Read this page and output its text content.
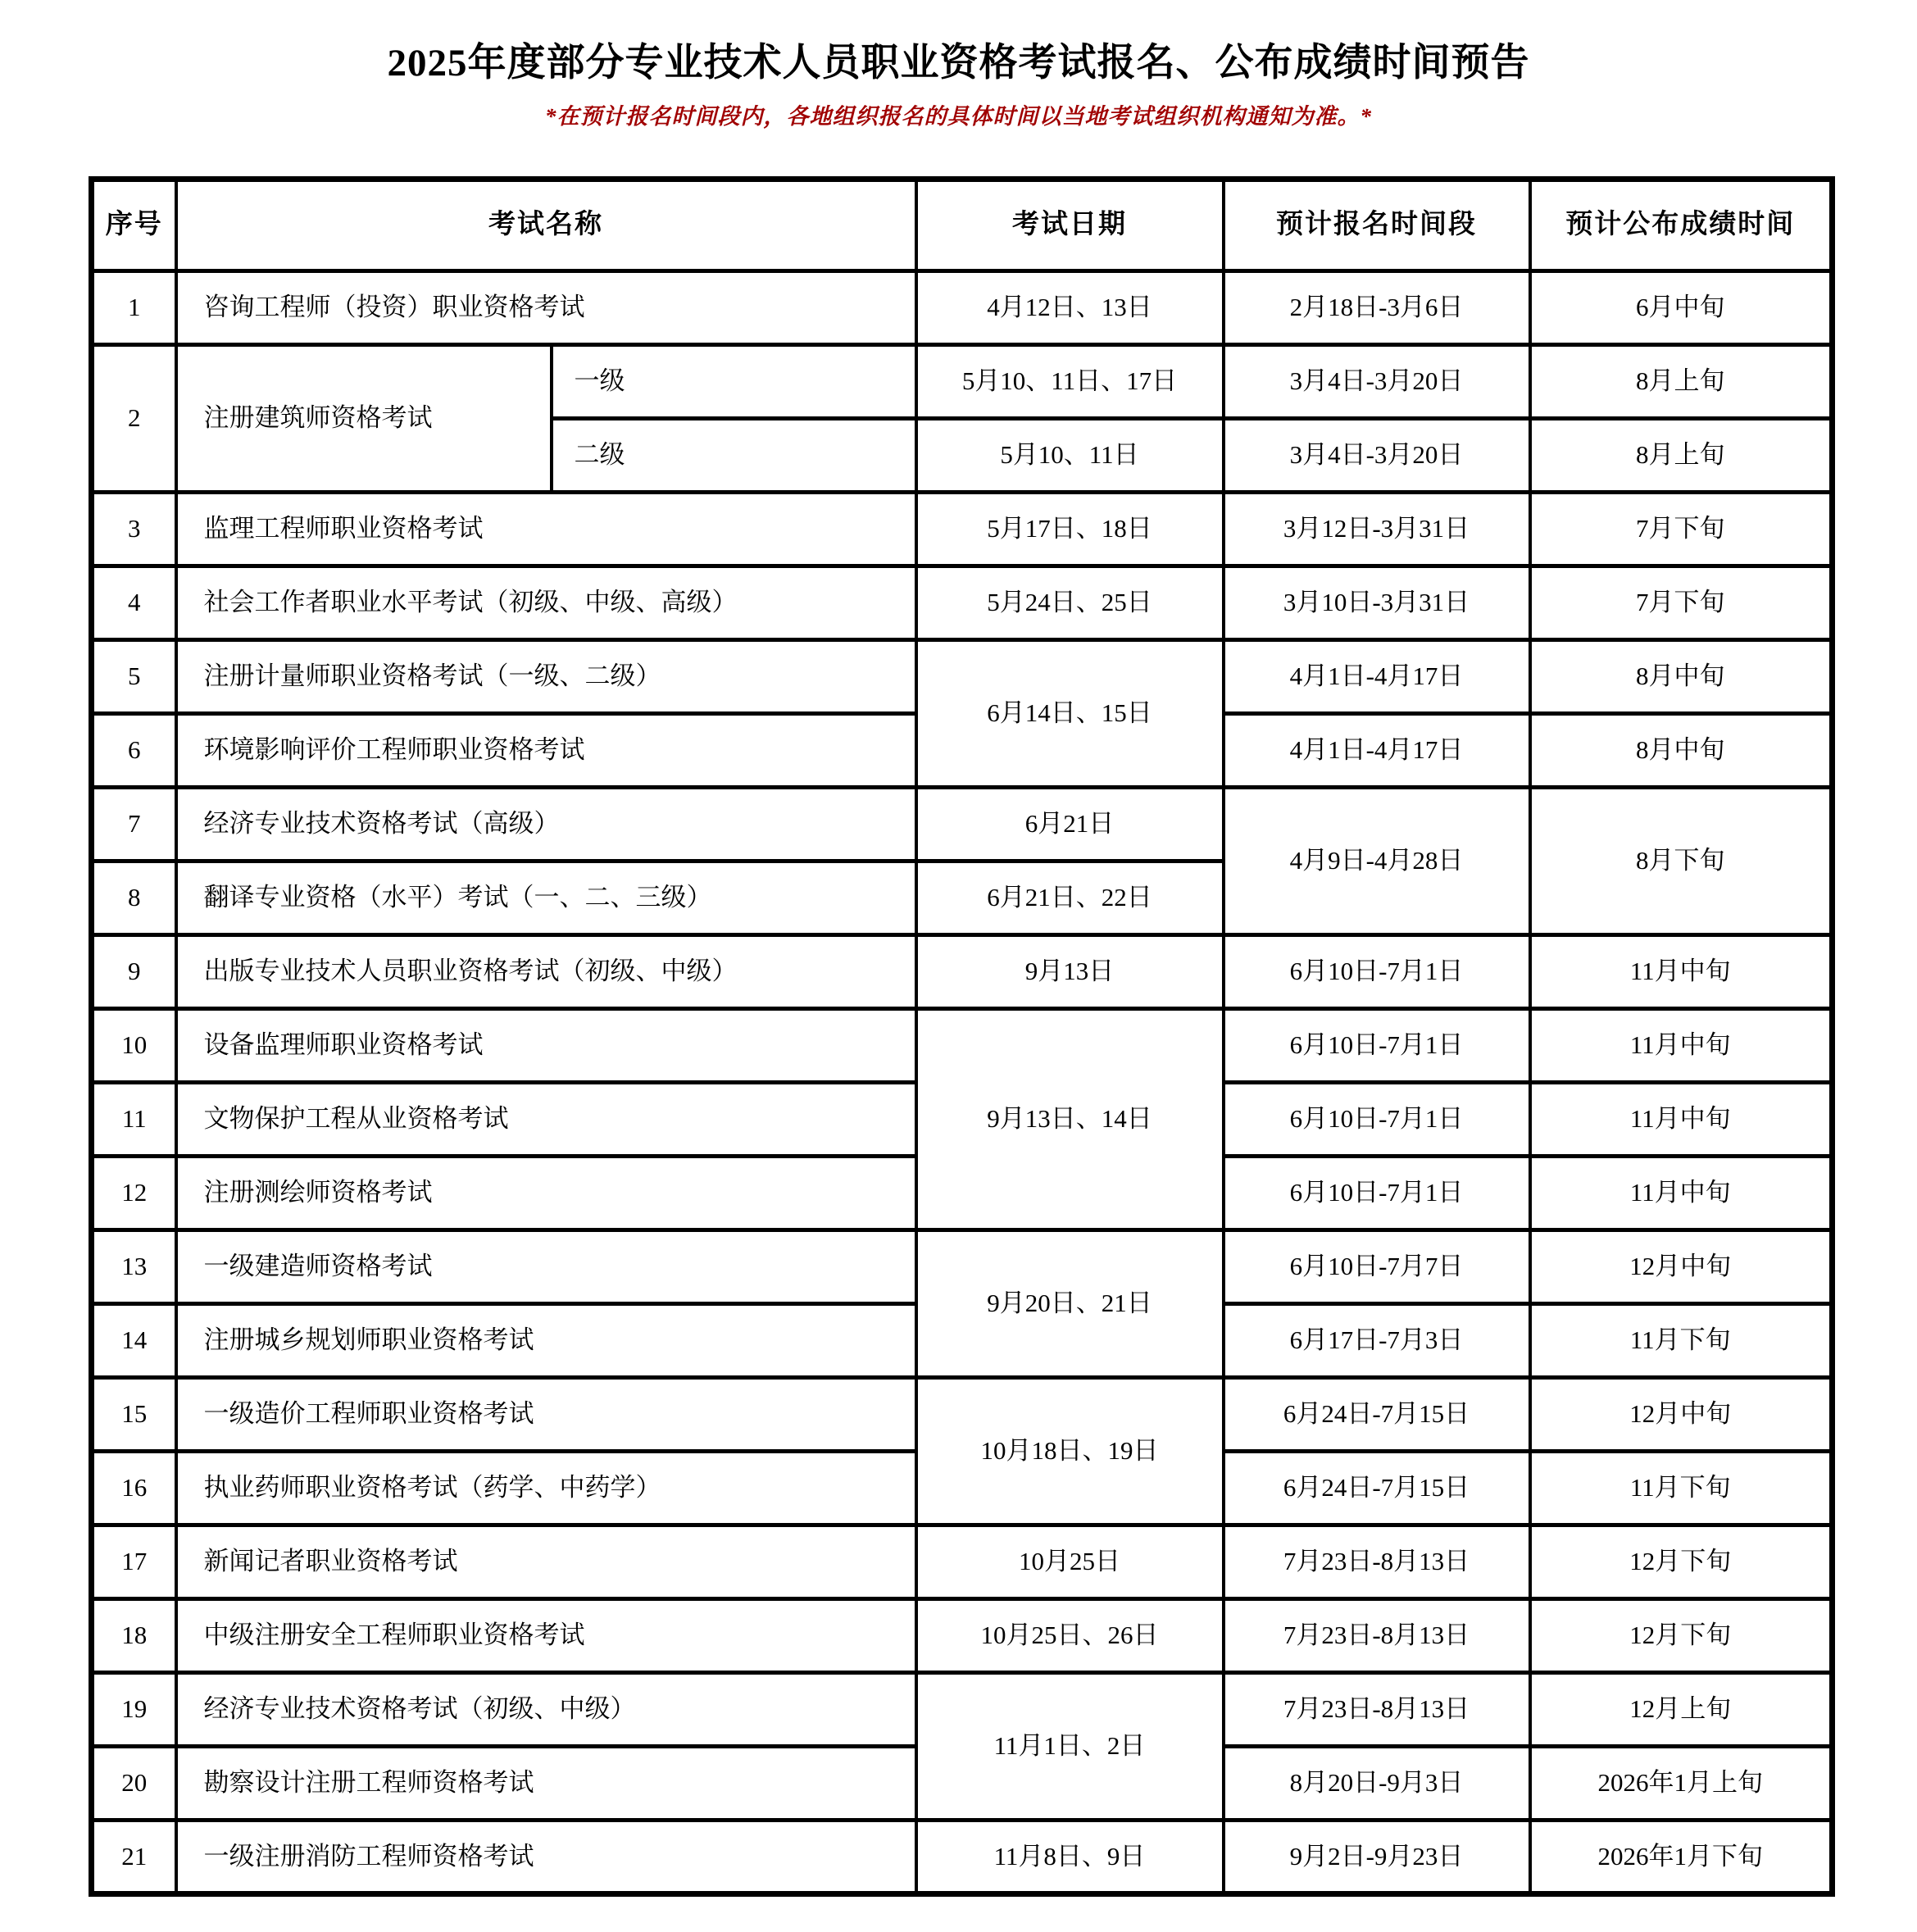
2025年度部分专业技术人员职业资格考试报名、公布成绩时间预告
*在预计报名时间段内，各地组织报名的具体时间以当地考试组织机构通知为准。*
序号	考试名称		考试日期	预计报名时间段	预计公布成绩时间
1	咨询工程师（投资）职业资格考试		4月12日、13日	2月18日-3月6日	6月中旬
2	注册建筑师资格考试	一级	5月10、11日、17日	3月4日-3月20日	8月上旬
		二级	5月10、11日	3月4日-3月20日	8月上旬
3	监理工程师职业资格考试		5月17日、18日	3月12日-3月31日	7月下旬
4	社会工作者职业水平考试（初级、中级、高级）		5月24日、25日	3月10日-3月31日	7月下旬
5	注册计量师职业资格考试（一级、二级）		6月14日、15日	4月1日-4月17日	8月中旬
6	环境影响评价工程师职业资格考试			4月1日-4月17日	8月中旬
7	经济专业技术资格考试（高级）		6月21日	4月9日-4月28日	8月下旬
8	翻译专业资格（水平）考试（一、二、三级）		6月21日、22日		
9	出版专业技术人员职业资格考试（初级、中级）		9月13日	6月10日-7月1日	11月中旬
10	设备监理师职业资格考试		9月13日、14日	6月10日-7月1日	11月中旬
11	文物保护工程从业资格考试			6月10日-7月1日	11月中旬
12	注册测绘师资格考试			6月10日-7月1日	11月中旬
13	一级建造师资格考试		9月20日、21日	6月10日-7月7日	12月中旬
14	注册城乡规划师职业资格考试			6月17日-7月3日	11月下旬
15	一级造价工程师职业资格考试		10月18日、19日	6月24日-7月15日	12月中旬
16	执业药师职业资格考试（药学、中药学）			6月24日-7月15日	11月下旬
17	新闻记者职业资格考试		10月25日	7月23日-8月13日	12月下旬
18	中级注册安全工程师职业资格考试		10月25日、26日	7月23日-8月13日	12月下旬
19	经济专业技术资格考试（初级、中级）		11月1日、2日	7月23日-8月13日	12月上旬
20	勘察设计注册工程师资格考试			8月20日-9月3日	2026年1月上旬
21	一级注册消防工程师资格考试		11月8日、9日	9月2日-9月23日	2026年1月下旬
